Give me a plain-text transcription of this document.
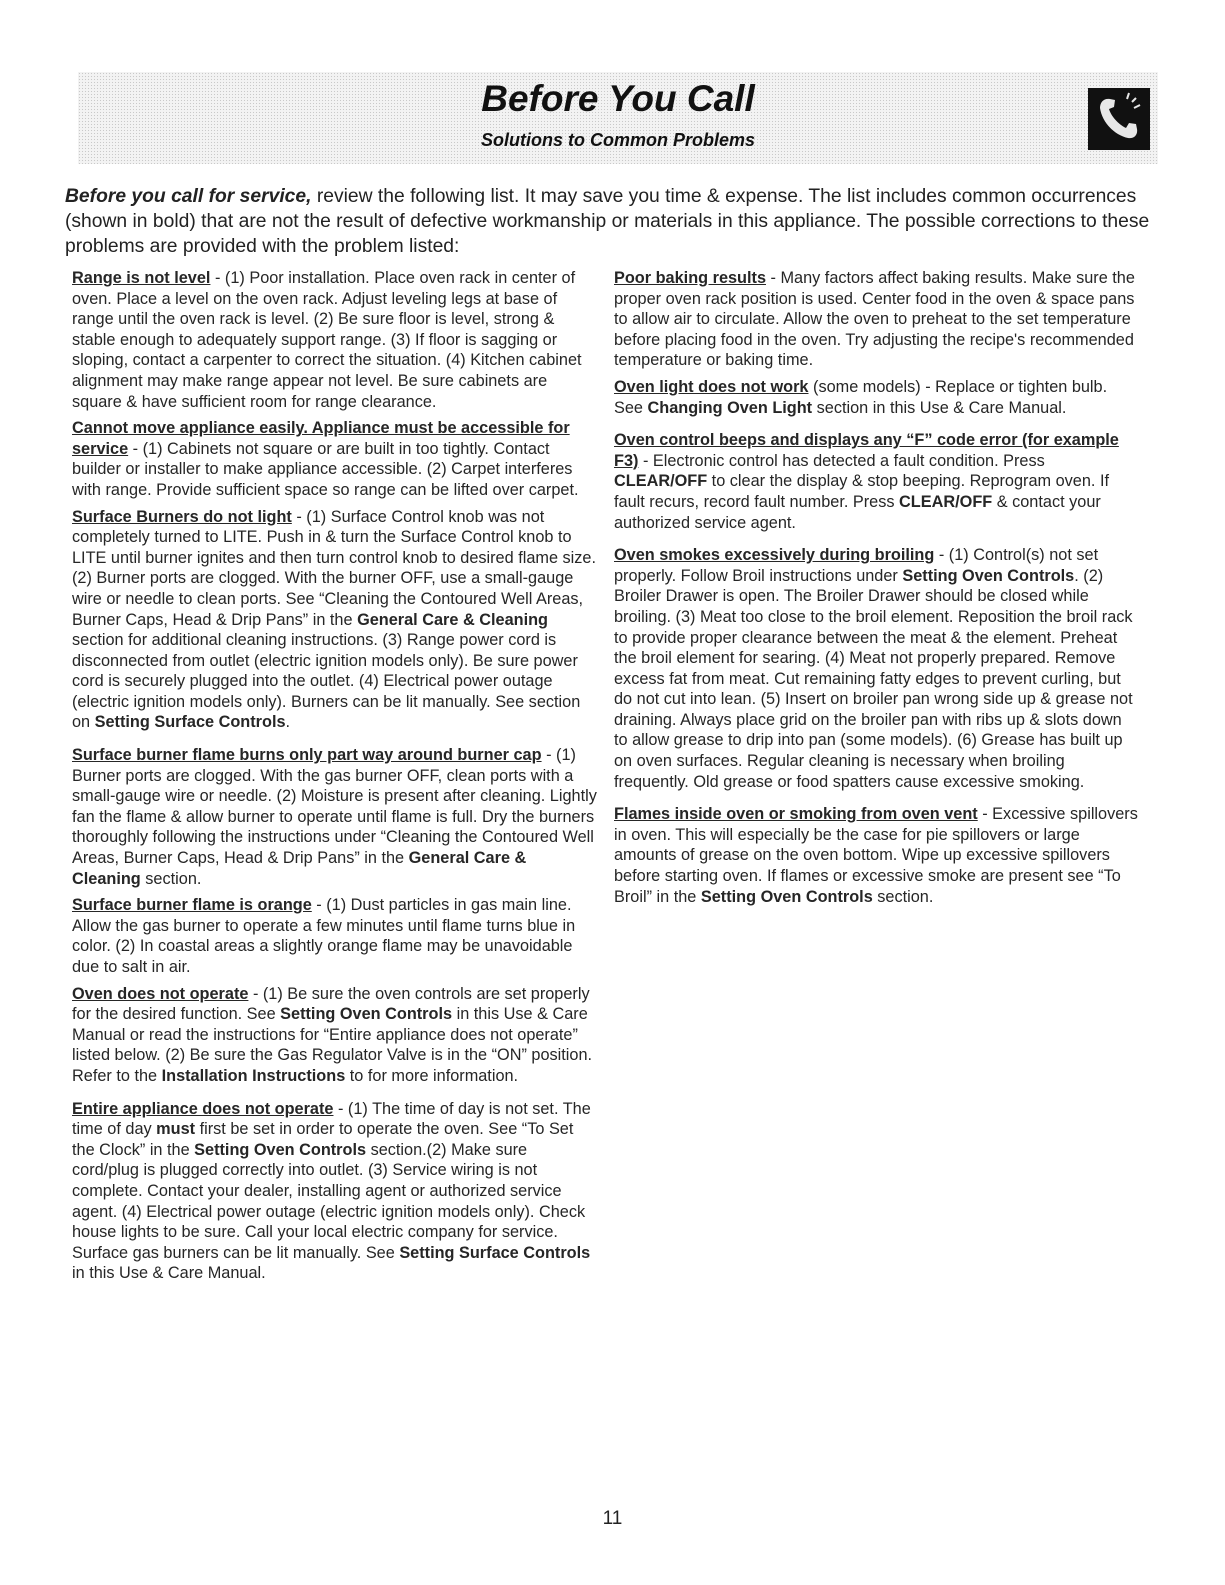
Before You Call
Solutions to Common Problems
Before you call for service, review the following list. It may save you time & expense. The list includes common occurrences (shown in bold) that are not the result of defective workmanship or materials in this appliance. The possible corrections to these problems are provided with the problem listed:

Range is not level - (1) Poor installation. Place oven rack in center of oven. Place a level on the oven rack. Adjust leveling legs at base of range until the oven rack is level. (2) Be sure floor is level, strong & stable enough to adequately support range. (3) If floor is sagging or sloping, contact a carpenter to correct the situation. (4) Kitchen cabinet alignment may make range appear not level. Be sure cabinets are square & have sufficient room for range clearance.

Cannot move appliance easily. Appliance must be accessible for service - (1) Cabinets not square or are built in too tightly. Contact builder or installer to make appliance accessible. (2) Carpet interferes with range. Provide sufficient space so range can be lifted over carpet.

Surface Burners do not light - (1) Surface Control knob was not completely turned to LITE. Push in & turn the Surface Control knob to LITE until burner ignites and then turn control knob to desired flame size. (2) Burner ports are clogged. With the burner OFF, use a small-gauge wire or needle to clean ports. See “Cleaning the Contoured Well Areas, Burner Caps, Head & Drip Pans” in the General Care & Cleaning section for additional cleaning instructions. (3) Range power cord is disconnected from outlet (electric ignition models only). Be sure power cord is securely plugged into the outlet. (4) Electrical power outage (electric ignition models only). Burners can be lit manually. See section on Setting Surface Controls.

Surface burner flame burns only part way around burner cap - (1) Burner ports are clogged. With the gas burner OFF, clean ports with a small-gauge wire or needle. (2) Moisture is present after cleaning. Lightly fan the flame & allow burner to operate until flame is full. Dry the burners thoroughly following the instructions under “Cleaning the Contoured Well Areas, Burner Caps, Head & Drip Pans” in the General Care & Cleaning section.

Surface burner flame is orange - (1) Dust particles in gas main line. Allow the gas burner to operate a few minutes until flame turns blue in color. (2) In coastal areas a slightly orange flame may be unavoidable due to salt in air.

Oven does not operate - (1) Be sure the oven controls are set properly for the desired function. See Setting Oven Controls in this Use & Care Manual or read the instructions for “Entire appliance does not operate” listed below. (2) Be sure the Gas Regulator Valve is in the “ON” position. Refer to the Installation Instructions to for more information.

Entire appliance does not operate - (1) The time of day is not set. The time of day must first be set in order to operate the oven. See “To Set the Clock” in the Setting Oven Controls section.(2) Make sure cord/plug is plugged correctly into outlet. (3) Service wiring is not complete. Contact your dealer, installing agent or authorized service agent. (4) Electrical power outage (electric ignition models only). Check house lights to be sure. Call your local electric company for service. Surface gas burners can be lit manually. See Setting Surface Controls in this Use & Care Manual.

Poor baking results - Many factors affect baking results. Make sure the proper oven rack position is used. Center food in the oven & space pans to allow air to circulate. Allow the oven to preheat to the set temperature before placing food in the oven. Try adjusting the recipe's recommended temperature or baking time.

Oven light does not work (some models) - Replace or tighten bulb. See Changing Oven Light section in this Use & Care Manual.

Oven control beeps and displays any “F” code error (for example F3) - Electronic control has detected a fault condition. Press CLEAR/OFF to clear the display & stop beeping. Reprogram oven. If fault recurs, record fault number. Press CLEAR/OFF & contact your authorized service agent.

Oven smokes excessively during broiling - (1) Control(s) not set properly. Follow Broil instructions under Setting Oven Controls. (2) Broiler Drawer is open. The Broiler Drawer should be closed while broiling. (3) Meat too close to the broil element. Reposition the broil rack to provide proper clearance between the meat & the element. Preheat the broil element for searing. (4) Meat not properly prepared. Remove excess fat from meat. Cut remaining fatty edges to prevent curling, but do not cut into lean. (5) Insert on broiler pan wrong side up & grease not draining. Always place grid on the broiler pan with ribs up & slots down to allow grease to drip into pan (some models). (6) Grease has built up on oven surfaces. Regular cleaning is necessary when broiling frequently. Old grease or food spatters cause excessive smoking.

Flames inside oven or smoking from oven vent - Excessive spillovers in oven. This will especially be the case for pie spillovers or large amounts of grease on the oven bottom. Wipe up excessive spillovers before starting oven. If flames or excessive smoke are present see “To Broil” in the Setting Oven Controls section.

11
